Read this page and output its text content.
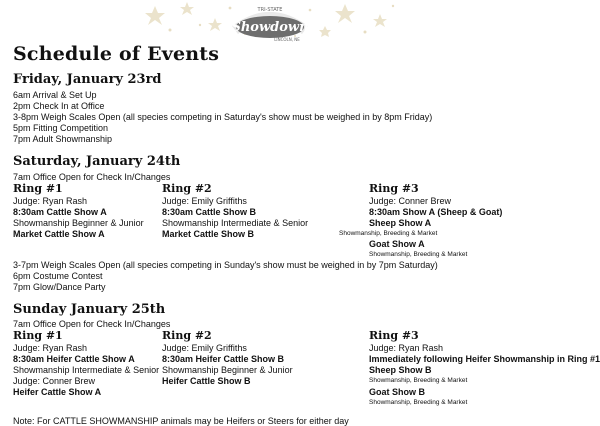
Showdown
TRI-STATE
LINCOLN, NE
Schedule of Events
Friday, January 23rd
6am Arrival & Set Up
2pm Check In at Office
3-8pm Weigh Scales Open (all species competing in Saturday's show must be weighed in by 8pm Friday)
5pm Fitting Competition
7pm Adult Showmanship
Saturday, January 24th
7am Office Open for Check In/Changes
Ring #1
Judge: Ryan Rash
8:30am Cattle Show A
Showmanship Beginner & Junior
Market Cattle Show A
Ring #2
Judge: Emily Griffiths
8:30am Cattle Show B
Showmanship Intermediate & Senior
Market Cattle Show B
Ring #3
Judge: Conner Brew
8:30am Show A (Sheep & Goat)
Sheep Show A
Showmanship, Breeding & Market
Goat Show A
Showmanship, Breeding & Market
3-7pm Weigh Scales Open (all species competing in Sunday's show must be weighed in by 7pm Saturday)
6pm Costume Contest
7pm Glow/Dance Party
Sunday January 25th
7am Office Open for Check In/Changes
Ring #1
Judge: Ryan Rash
8:30am Heifer Cattle Show A
Showmanship Intermediate & Senior
Judge: Conner Brew
Heifer Cattle Show A
Ring #2
Judge: Emily Griffiths
8:30am Heifer Cattle Show B
Showmanship Beginner & Junior
Heifer Cattle Show B
Ring #3
Judge: Ryan Rash
Immediately following Heifer Showmanship in Ring #1
Sheep Show B
Showmanship, Breeding & Market
Goat Show B
Showmanship, Breeding & Market
Note: For CATTLE SHOWMANSHIP animals may be Heifers or Steers for either day
